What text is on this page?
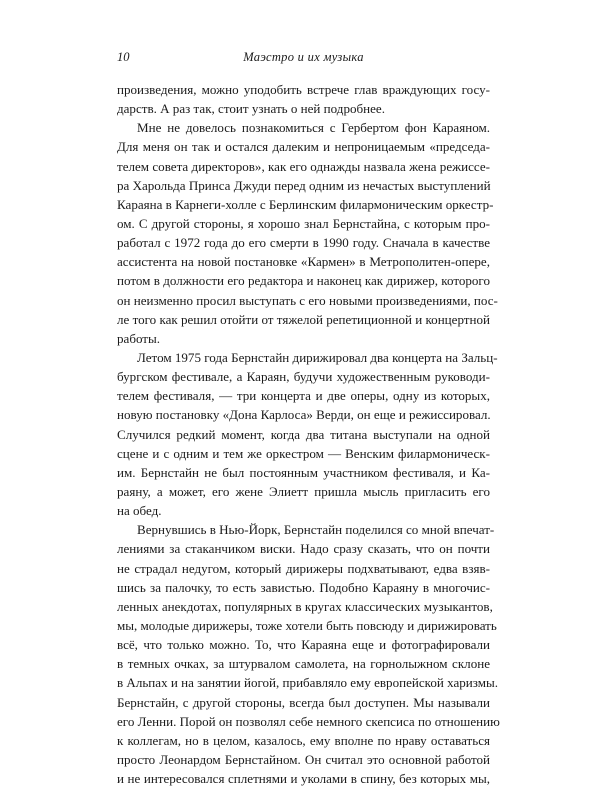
10	Маэстро и их музыка
произведения, можно уподобить встрече глав враждующих госу-
дарств. А раз так, стоит узнать о ней подробнее.
Мне не довелось познакомиться с Гербертом фон Караяном.
Для меня он так и остался далеким и непроницаемым «председа-
телем совета директоров», как его однажды назвала жена режиссе-
ра Харольда Принса Джуди перед одним из нечастых выступлений
Караяна в Карнеги-холле с Берлинским филармоническим оркестр-
ом. С другой стороны, я хорошо знал Бернстайна, с которым про-
работал с 1972 года до его смерти в 1990 году. Сначала в качестве
ассистента на новой постановке «Кармен» в Метрополитен-опере,
потом в должности его редактора и наконец как дирижер, которого
он неизменно просил выступать с его новыми произведениями, пос-
ле того как решил отойти от тяжелой репетиционной и концертной
работы.
Летом 1975 года Бернстайн дирижировал два концерта на Зальц-
бургском фестивале, а Караян, будучи художественным руководи-
телем фестиваля, — три концерта и две оперы, одну из которых,
новую постановку «Дона Карлоса» Верди, он еще и режиссировал.
Случился редкий момент, когда два титана выступали на одной
сцене и с одним и тем же оркестром — Венским филармоническ-
им. Бернстайн не был постоянным участником фестиваля, и Ка-
раяну, а может, его жене Элиетт пришла мысль пригласить его
на обед.
Вернувшись в Нью-Йорк, Бернстайн поделился со мной впечат-
лениями за стаканчиком виски. Надо сразу сказать, что он почти
не страдал недугом, который дирижеры подхватывают, едва взяв-
шись за палочку, то есть завистью. Подобно Караяну в многочис-
ленных анекдотах, популярных в кругах классических музыкантов,
мы, молодые дирижеры, тоже хотели быть повсюду и дирижировать
всё, что только можно. То, что Караяна еще и фотографировали
в темных очках, за штурвалом самолета, на горнолыжном склоне
в Альпах и на занятии йогой, прибавляло ему европейской харизмы.
Бернстайн, с другой стороны, всегда был доступен. Мы называли
его Ленни. Порой он позволял себе немного скепсиса по отношению
к коллегам, но в целом, казалось, ему вполне по нраву оставаться
просто Леонардом Бернстайном. Он считал это основной работой
и не интересовался сплетнями и уколами в спину, без которых мы,
